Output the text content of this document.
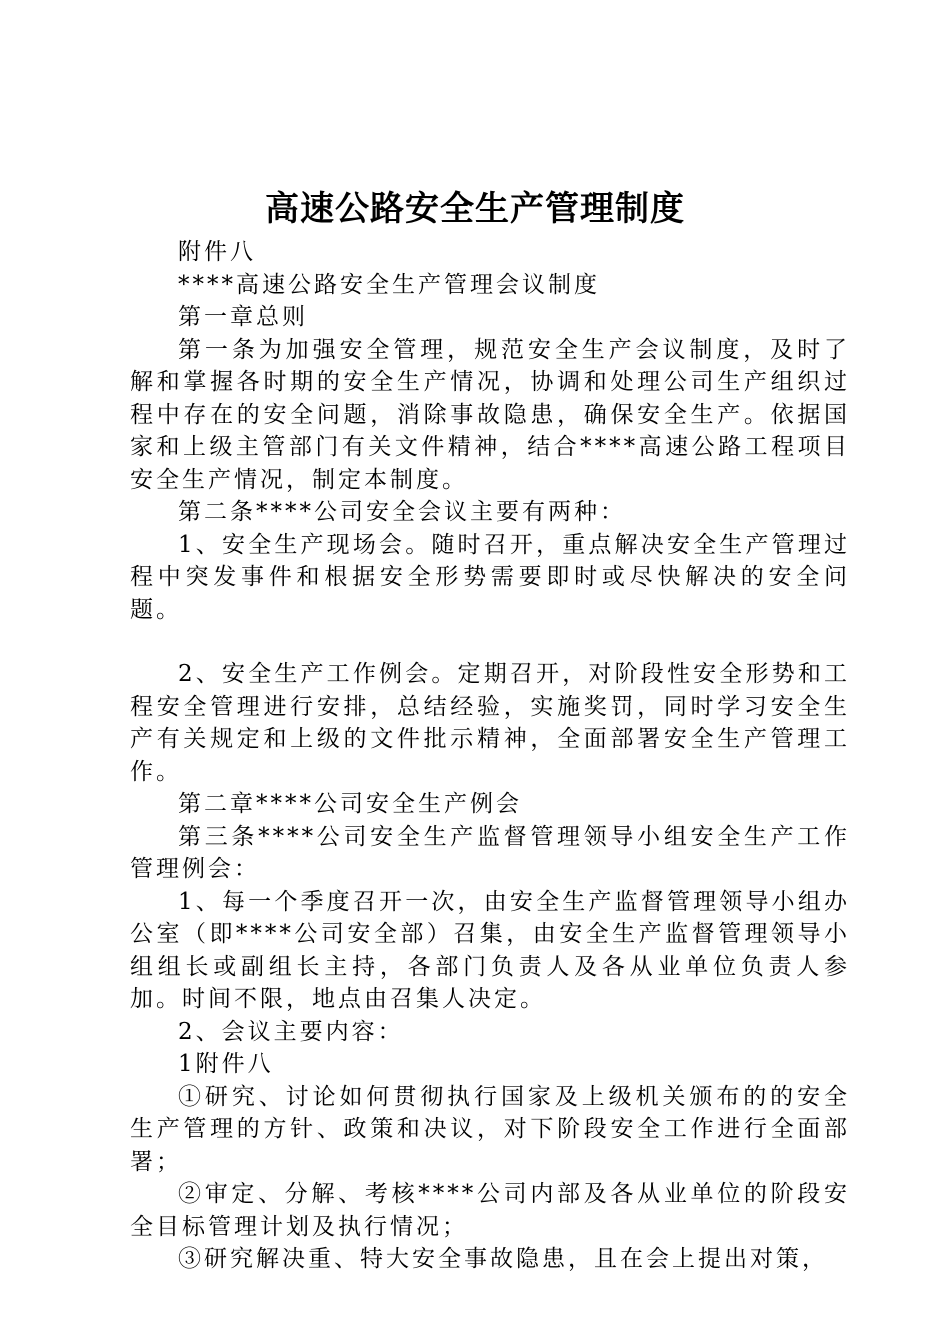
高速公路安全生产管理制度

附件八

****高速公路安全生产管理会议制度

第一章总则

第一条为加强安全管理，规范安全生产会议制度，及时了解和掌握各时期的安全生产情况，协调和处理公司生产组织过程中存在的安全问题，消除事故隐患，确保安全生产。依据国家和上级主管部门有关文件精神，结合****高速公路工程项目安全生产情况，制定本制度。

第二条****公司安全会议主要有两种：

1、安全生产现场会。随时召开，重点解决安全生产管理过程中突发事件和根据安全形势需要即时或尽快解决的安全问题。

2、安全生产工作例会。定期召开，对阶段性安全形势和工程安全管理进行安排，总结经验，实施奖罚，同时学习安全生产有关规定和上级的文件批示精神，全面部署安全生产管理工作。

第二章****公司安全生产例会

第三条****公司安全生产监督管理领导小组安全生产工作管理例会：

1、每一个季度召开一次，由安全生产监督管理领导小组办公室（即****公司安全部）召集，由安全生产监督管理领导小组组长或副组长主持，各部门负责人及各从业单位负责人参加。时间不限，地点由召集人决定。

2、会议主要内容：

1附件八

①研究、讨论如何贯彻执行国家及上级机关颁布的的安全生产管理的方针、政策和决议，对下阶段安全工作进行全面部署；

②审定、分解、考核****公司内部及各从业单位的阶段安全目标管理计划及执行情况；

③研究解决重、特大安全事故隐患，且在会上提出对策，
